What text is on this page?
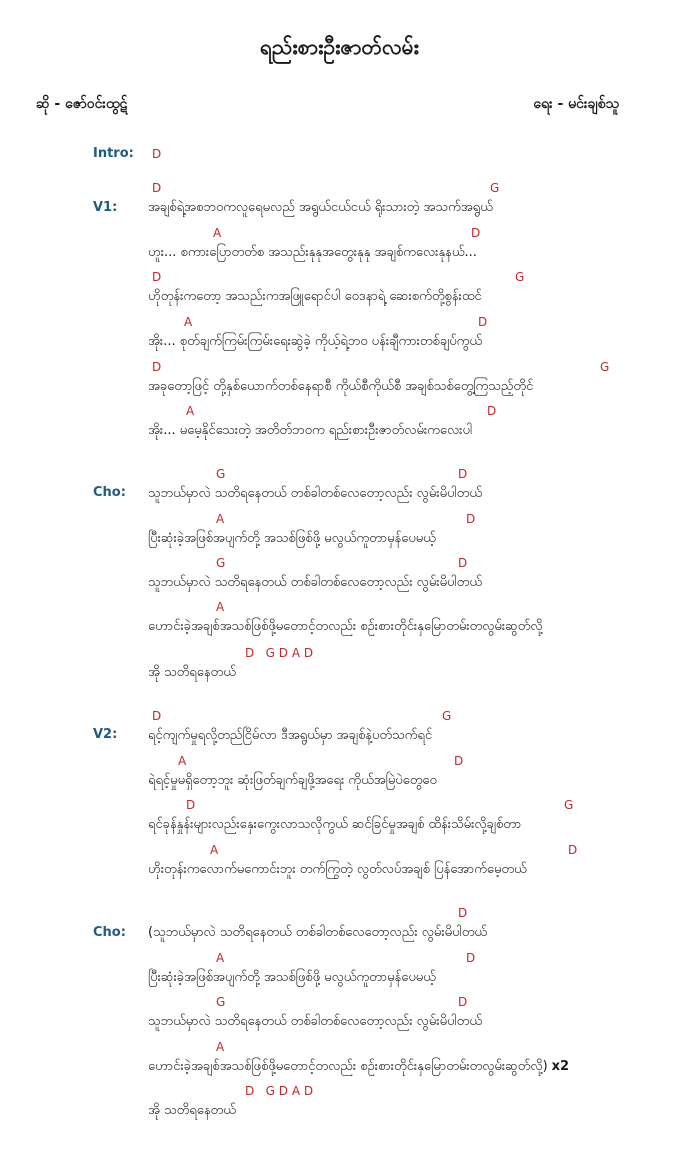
ရည်းစားဦးဇာတ်လမ်း
ဆို - ဇော်ဝင်းထွဋ်	ရေး - မင်းချစ်သူ
Intro: D
V1:
D	G
အချစ်ရဲ့အစဘဝကလူရေမလည် အရွယ်ငယ်ငယ် ရိုးသားတဲ့ အသက်အရွယ်
A	D
ဟူး... စကားပြောတတ်စ အသည်းနုနုအတွေးနုနု အချစ်ကလေးနုနယ်...
D	G
ဟိုတုန်းကတော့ အသည်းကအဖြူရောင်ပါ ဝေဒနာရဲ့ ဆေးစက်တို့စွန်းထင်
A	D
အိုး... စုတ်ချက်ကြမ်းကြမ်းရေးဆွဲခဲ့ ကိုယ့်ရဲ့ဘဝ ပန်းချီကားတစ်ချပ်ကွယ်
D	G
အခုတော့ဖြင့် တို့နှစ်ယောက်တစ်နေရာစီ ကိုယ်စီကိုယ်စီ အချစ်သစ်တွေ့ကြသည့်တိုင်
A	D
အိုး... မမေ့နိုင်သေးတဲ့ အတိတ်ဘဝက ရည်းစားဦးဇာတ်လမ်းကလေးပါ
Cho:
G	D
သူဘယ်မှာလဲ သတိရနေတယ် တစ်ခါတစ်လေတော့လည်း လွမ်းမိပါတယ်
A	D
ပြီးဆုံးခဲ့အဖြစ်အပျက်တို့ အသစ်ဖြစ်ဖို့ မလွယ်ကူတာမှန်ပေမယ့်
G	D
သူဘယ်မှာလဲ သတိရနေတယ် တစ်ခါတစ်လေတော့လည်း လွမ်းမိပါတယ်
A
ဟောင်းခဲ့အချစ်အသစ်ဖြစ်ဖို့မတောင့်တလည်း စဉ်းစားတိုင်းနှမြောတမ်းတလွမ်းဆွတ်လို့
D   G D A D
အို သတိရနေတယ်
V2:
D	G
ရင့်ကျက်မှုရလို့တည်ငြိမ်လာ ဒီအရွယ်မှာ အချစ်နဲ့ပတ်သက်ရင်
A	D
ရဲရင့်မှုမရှိတော့ဘူး ဆုံးဖြတ်ချက်ချဖို့အရေး ကိုယ်အမြဲပဲတွေဝေ
D	G
ရင်ခုန်နှုန်းများလည်းနှေးကွေးလာသလိုကွယ် ဆင်ခြင်မှုအချစ် ထိန်းသိမ်းလို့ချစ်တာ
A	D
ဟိုးတုန်းကလောက်မကောင်းဘူး တက်ကြွတဲ့ လွတ်လပ်အချစ် ပြန်အောက်မေ့တယ်
Cho:
D
(သူဘယ်မှာလဲ သတိရနေတယ် တစ်ခါတစ်လေတော့လည်း လွမ်းမိပါတယ်
A	D
ပြီးဆုံးခဲ့အဖြစ်အပျက်တို့ အသစ်ဖြစ်ဖို့ မလွယ်ကူတာမှန်ပေမယ့်
G	D
သူဘယ်မှာလဲ သတိရနေတယ် တစ်ခါတစ်လေတော့လည်း လွမ်းမိပါတယ်
A
ဟောင်းခဲ့အချစ်အသစ်ဖြစ်ဖို့မတောင့်တလည်း စဉ်းစားတိုင်းနှမြောတမ်းတလွမ်းဆွတ်လို့) x2
D   G D A D
အို သတိရနေတယ်
